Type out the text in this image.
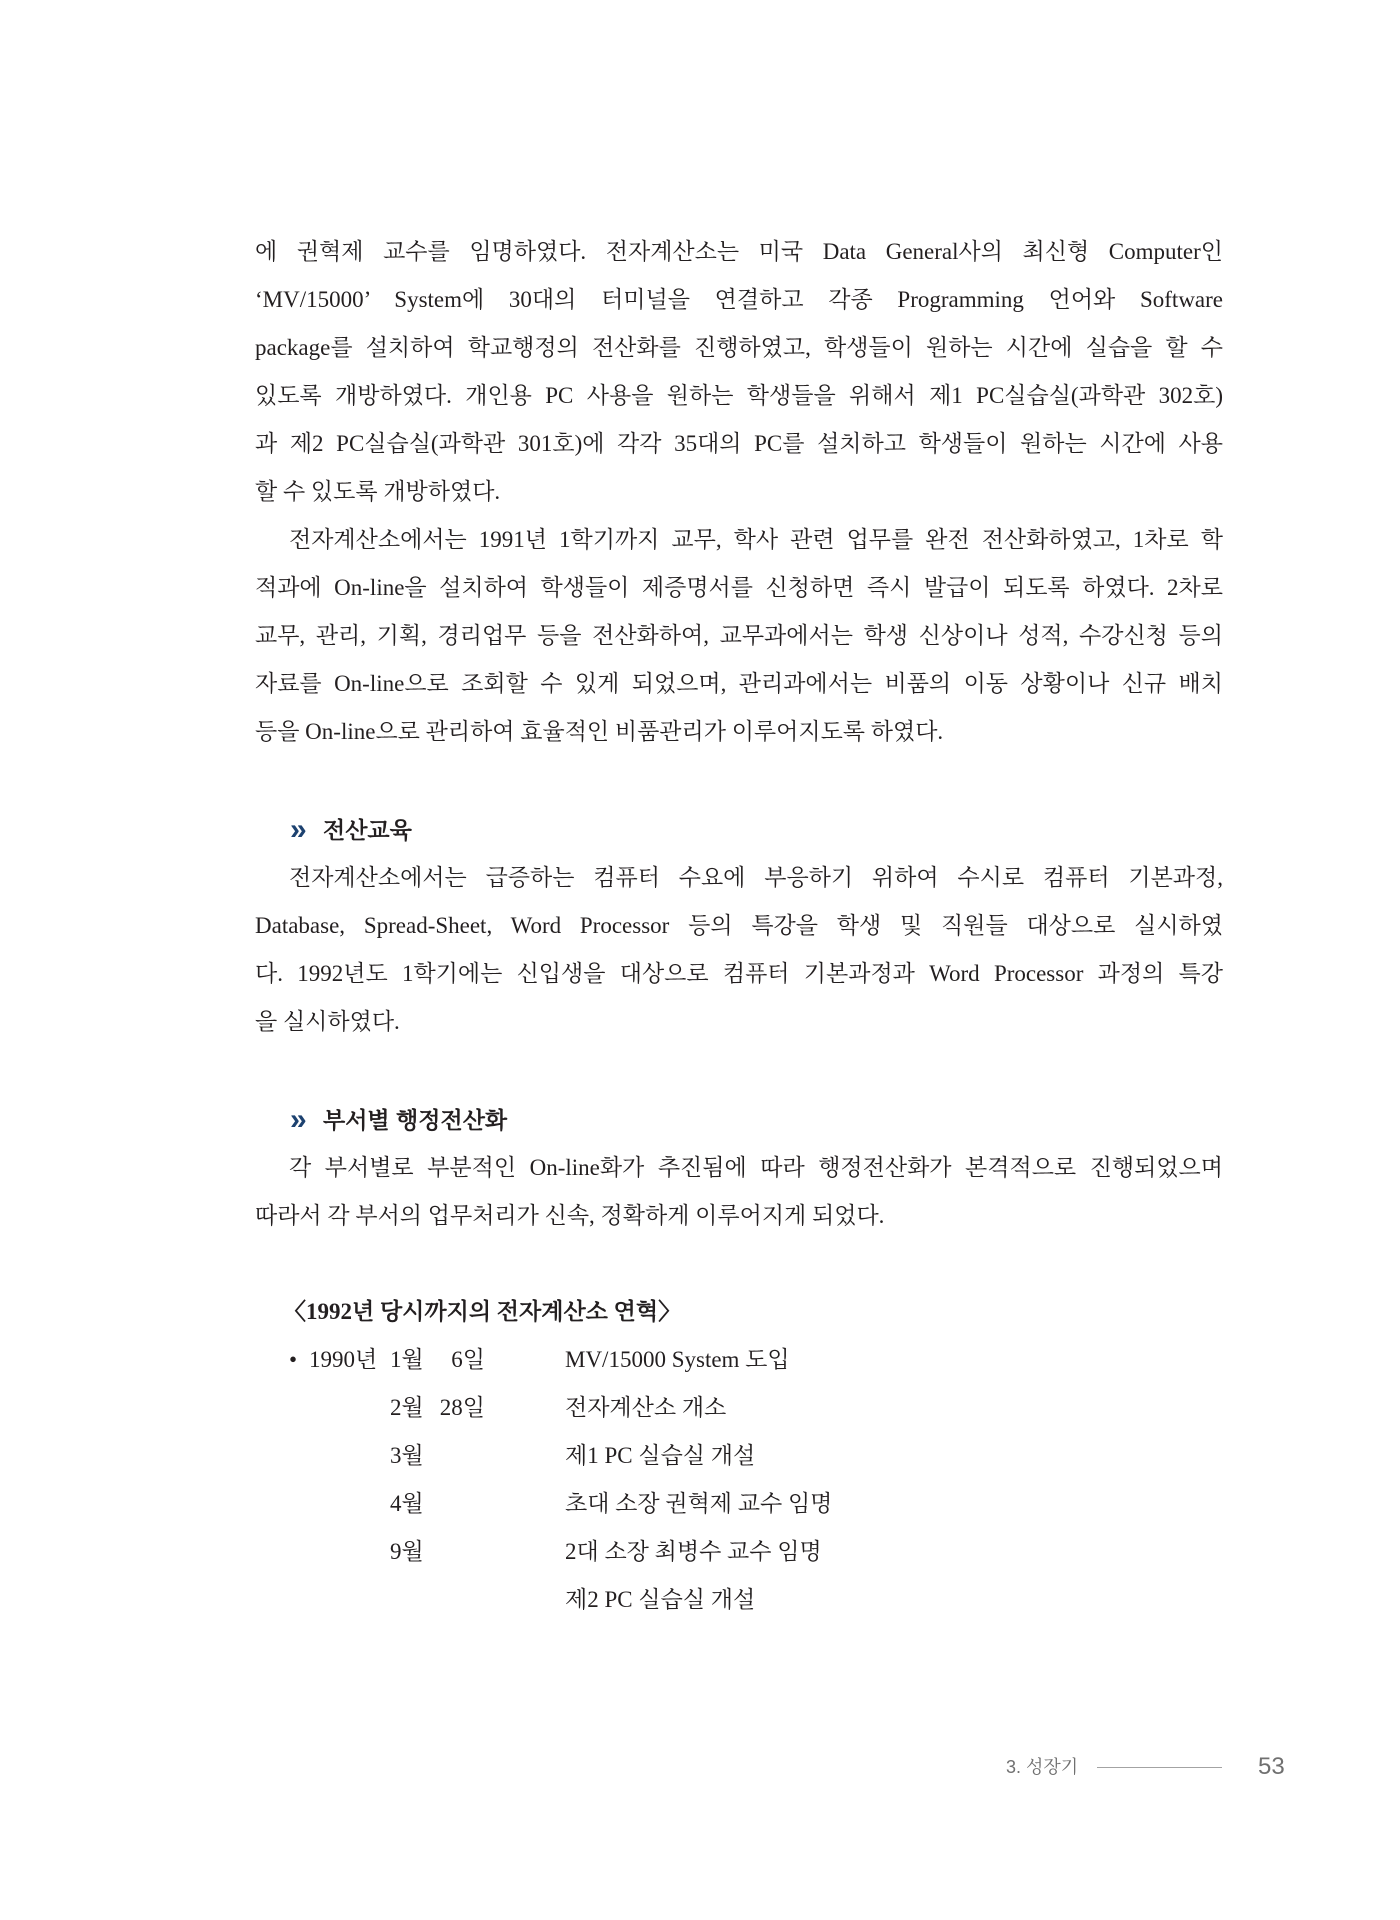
에 권혁제 교수를 임명하였다. 전자계산소는 미국 Data General사의 최신형 Computer인
‘MV/15000’ System에 30대의 터미널을 연결하고 각종 Programming 언어와 Software
package를 설치하여 학교행정의 전산화를 진행하였고, 학생들이 원하는 시간에 실습을 할 수
있도록 개방하였다. 개인용 PC 사용을 원하는 학생들을 위해서 제1 PC실습실(과학관 302호)
과 제2 PC실습실(과학관 301호)에 각각 35대의 PC를 설치하고 학생들이 원하는 시간에 사용
할 수 있도록 개방하였다.
전자계산소에서는 1991년 1학기까지 교무, 학사 관련 업무를 완전 전산화하였고, 1차로 학
적과에 On-line을 설치하여 학생들이 제증명서를 신청하면 즉시 발급이 되도록 하였다. 2차로
교무, 관리, 기획, 경리업무 등을 전산화하여, 교무과에서는 학생 신상이나 성적, 수강신청 등의
자료를 On-line으로 조회할 수 있게 되었으며, 관리과에서는 비품의 이동 상황이나 신규 배치
등을 On-line으로 관리하여 효율적인 비품관리가 이루어지도록 하였다.
» 전산교육
전자계산소에서는 급증하는 컴퓨터 수요에 부응하기 위하여 수시로 컴퓨터 기본과정,
Database, Spread-Sheet, Word Processor 등의 특강을 학생 및 직원들 대상으로 실시하였
다. 1992년도 1학기에는 신입생을 대상으로 컴퓨터 기본과정과 Word Processor 과정의 특강
을 실시하였다.
» 부서별 행정전산화
각 부서별로 부분적인 On-line화가 추진됨에 따라 행정전산화가 본격적으로 진행되었으며
따라서 각 부서의 업무처리가 신속, 정확하게 이루어지게 되었다.
〈1992년 당시까지의 전자계산소 연혁〉
• 1990년 1월	6일	MV/15000 System 도입
2월 28일	전자계산소 개소
3월	제1 PC 실습실 개설
4월	초대 소장 권혁제 교수 임명
9월	2대 소장 최병수 교수 임명
제2 PC 실습실 개설
3. 성장기	53
